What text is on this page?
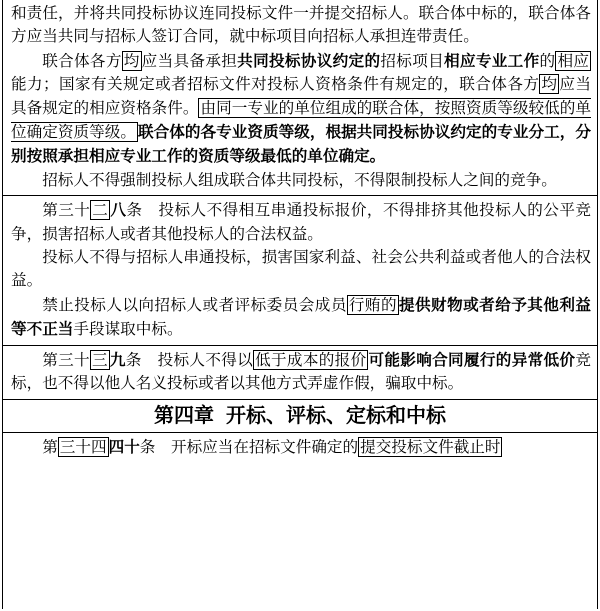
和责任，并将共同投标协议连同投标文件一并提交招标人。联合体中标的，联合体各方应当共同与招标人签订合同，就中标项目向招标人承担连带责任。

联合体各方 均 应当具备承担共同投标协议约定的招标项目相应专业工作的 相应能力；国家有关规定或者招标文件对投标人资格条件有规定的，联合体各方 均 应当具备规定的相应资格条件。 由同一专业的单位组成的联合体，按照资质等级较低的单位确定资质等级。 联合体的各专业资质等级，根据共同投标协议约定的专业分工，分别按照承担相应专业工作的资质等级最低的单位确定。

招标人不得强制投标人组成联合体共同投标，不得限制投标人之间的竞争。

第三十 二 八条　投标人不得相互串通投标报价，不得排挤其他投标人的公平竞争，损害招标人或者其他投标人的合法权益。

投标人不得与招标人串通投标，损害国家利益、社会公共利益或者他人的合法权益。

禁止投标人以向招标人或者评标委员会成员 行贿的 提供财物或者给予其他利益等不正当手段谋取中标。

第三十 三 九条　投标人不得以 低于成本的报价 可能影响合同履行的异常低价竞标，也不得以他人名义投标或者以其他方式弄虚作假，骗取中标。

第四章 开标、评标、定标和中标

第 三十四 四十条　开标应当在招标文件确定的 提交投标文件截止时
